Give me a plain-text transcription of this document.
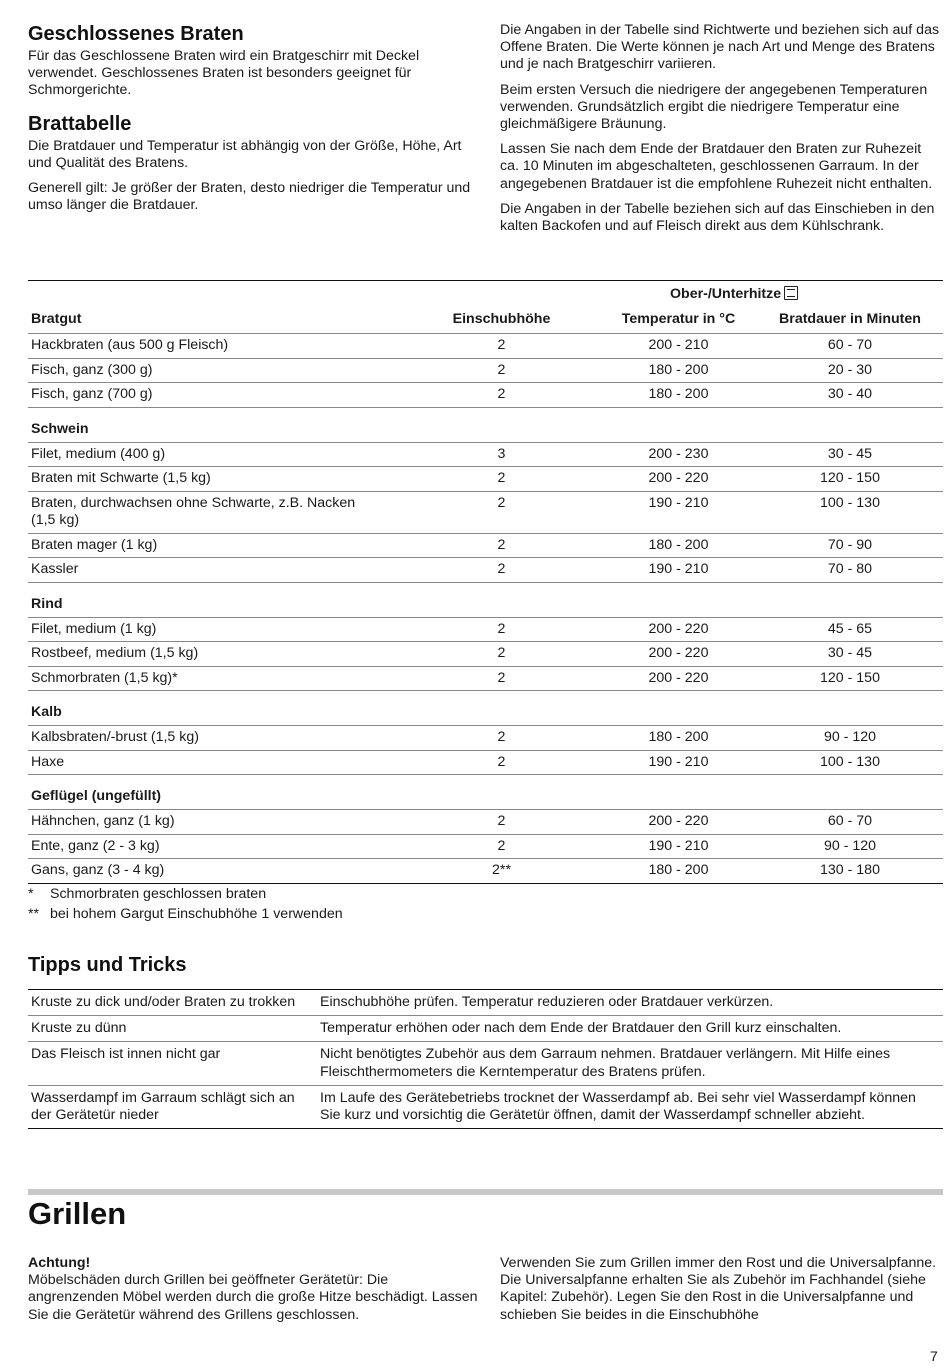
Geschlossenes Braten

Für das Geschlossene Braten wird ein Bratgeschirr mit Deckel verwendet. Geschlossenes Braten ist besonders geeignet für Schmorgerichte.

Brattabelle

Die Bratdauer und Temperatur ist abhängig von der Größe, Höhe, Art und Qualität des Bratens.

Generell gilt: Je größer der Braten, desto niedriger die Temperatur und umso länger die Bratdauer.

Die Angaben in der Tabelle sind Richtwerte und beziehen sich auf das Offene Braten. Die Werte können je nach Art und Menge des Bratens und je nach Bratgeschirr variieren.

Beim ersten Versuch die niedrigere der angegebenen Temperaturen verwenden. Grundsätzlich ergibt die niedrigere Temperatur eine gleichmäßigere Bräunung.

Lassen Sie nach dem Ende der Bratdauer den Braten zur Ruhezeit ca. 10 Minuten im abgeschalteten, geschlossenen Garraum. In der angegebenen Bratdauer ist die empfohlene Ruhezeit nicht enthalten.

Die Angaben in der Tabelle beziehen sich auf das Einschieben in den kalten Backofen und auf Fleisch direkt aus dem Kühlschrank.

		Ober-/Unterhitze	
Bratgut	Einschubhöhe	Temperatur in °C	Bratdauer in Minuten
Hackbraten (aus 500 g Fleisch)	2	200 - 210	60 - 70
Fisch, ganz (300 g)	2	180 - 200	20 - 30
Fisch, ganz (700 g)	2	180 - 200	30 - 40
Schwein			
Filet, medium (400 g)	3	200 - 230	30 - 45
Braten mit Schwarte (1,5 kg)	2	200 - 220	120 - 150
Braten, durchwachsen ohne Schwarte, z.B. Nacken (1,5 kg)	2	190 - 210	100 - 130
Braten mager (1 kg)	2	180 - 200	70 - 90
Kassler	2	190 - 210	70 - 80
Rind			
Filet, medium (1 kg)	2	200 - 220	45 - 65
Rostbeef, medium (1,5 kg)	2	200 - 220	30 - 45
Schmorbraten (1,5 kg)*	2	200 - 220	120 - 150
Kalb			
Kalbsbraten/-brust (1,5 kg)	2	180 - 200	90 - 120
Haxe	2	190 - 210	100 - 130
Geflügel (ungefüllt)			
Hähnchen, ganz (1 kg)	2	200 - 220	60 - 70
Ente, ganz (2 - 3 kg)	2	190 - 210	90 - 120
Gans, ganz (3 - 4 kg)	2**	180 - 200	130 - 180
* Schmorbraten geschlossen braten
** bei hohem Gargut Einschubhöhe 1 verwenden
Tipps und Tricks
Kruste zu dick und/oder Braten zu trokken	Einschubhöhe prüfen. Temperatur reduzieren oder Bratdauer verkürzen.
Kruste zu dünn	Temperatur erhöhen oder nach dem Ende der Bratdauer den Grill kurz einschalten.
Das Fleisch ist innen nicht gar	Nicht benötigtes Zubehör aus dem Garraum nehmen. Bratdauer verlängern. Mit Hilfe eines Fleischthermometers die Kerntemperatur des Bratens prüfen.
Wasserdampf im Garraum schlägt sich an der Gerätetür nieder	Im Laufe des Gerätebetriebs trocknet der Wasserdampf ab. Bei sehr viel Wasserdampf können Sie kurz und vorsichtig die Gerätetür öffnen, damit der Wasserdampf schneller abzieht.
Grillen
Achtung!

Möbelschäden durch Grillen bei geöffneter Gerätetür: Die angrenzenden Möbel werden durch die große Hitze beschädigt. Lassen Sie die Gerätetür während des Grillens geschlossen.

Verwenden Sie zum Grillen immer den Rost und die Universalpfanne. Die Universalpfanne erhalten Sie als Zubehör im Fachhandel (siehe Kapitel: Zubehör). Legen Sie den Rost in die Universalpfanne und schieben Sie beides in die Einschubhöhe

7
